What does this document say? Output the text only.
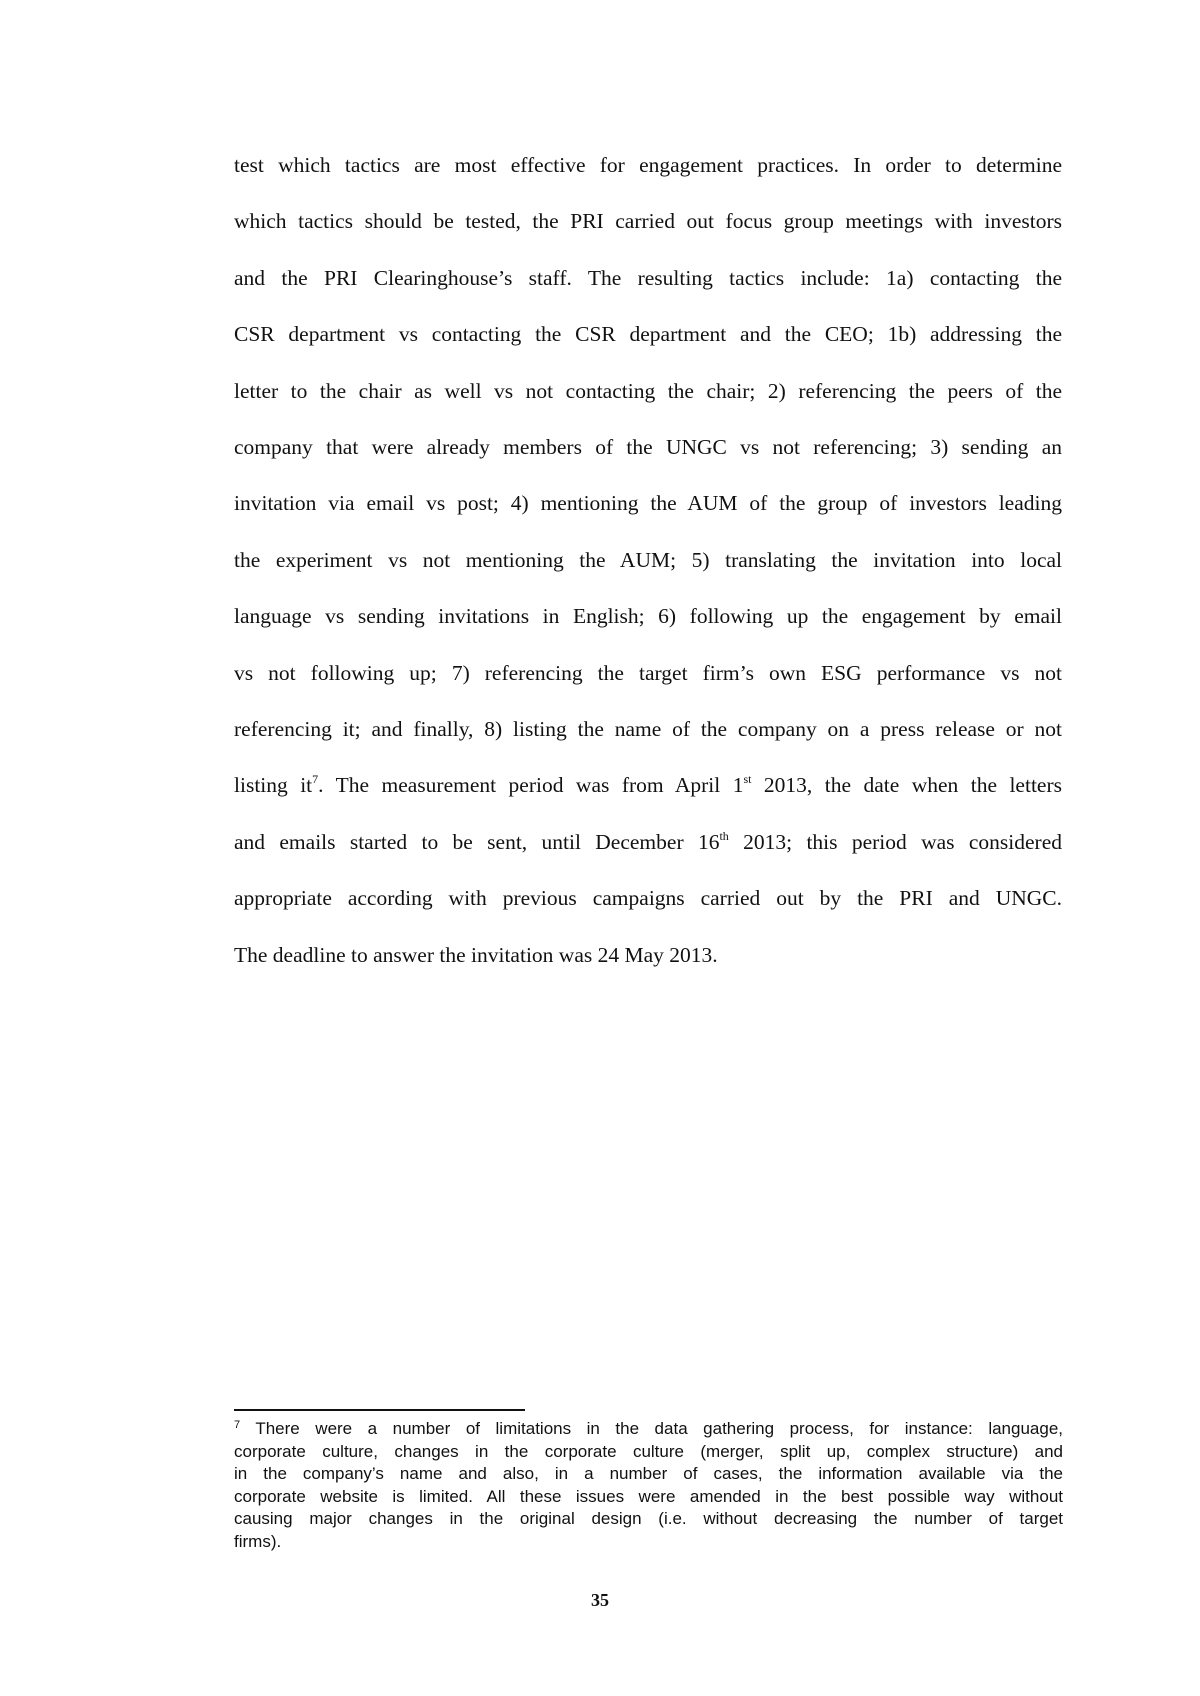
test which tactics are most effective for engagement practices. In order to determine
which tactics should be tested, the PRI carried out focus group meetings with investors
and the PRI Clearinghouse’s staff. The resulting tactics include: 1a) contacting the
CSR department vs contacting the CSR department and the CEO; 1b) addressing the
letter to the chair as well vs not contacting the chair; 2) referencing the peers of the
company that were already members of the UNGC vs not referencing; 3) sending an
invitation via email vs post; 4) mentioning the AUM of the group of investors leading
the experiment vs not mentioning the AUM; 5) translating the invitation into local
language vs sending invitations in English; 6) following up the engagement by email
vs not following up; 7) referencing the target firm’s own ESG performance vs not
referencing it; and finally, 8) listing the name of the company on a press release or not
listing $it^7$. The measurement period was from April 1st 2013, the date when the letters
and emails started to be sent, until December 16th 2013; this period was considered
appropriate according with previous campaigns carried out by the PRI and UNGC.
The deadline to answer the invitation was 24 May 2013.
$^7$ There were a number of limitations in the data gathering process, for instance: language,
corporate culture, changes in the corporate culture (merger, split up, complex structure) and
in the company’s name and also, in a number of cases, the information available via the
corporate website is limited. All these issues were amended in the best possible way without
causing major changes in the original design (i.e. without decreasing the number of target
firms).
35
